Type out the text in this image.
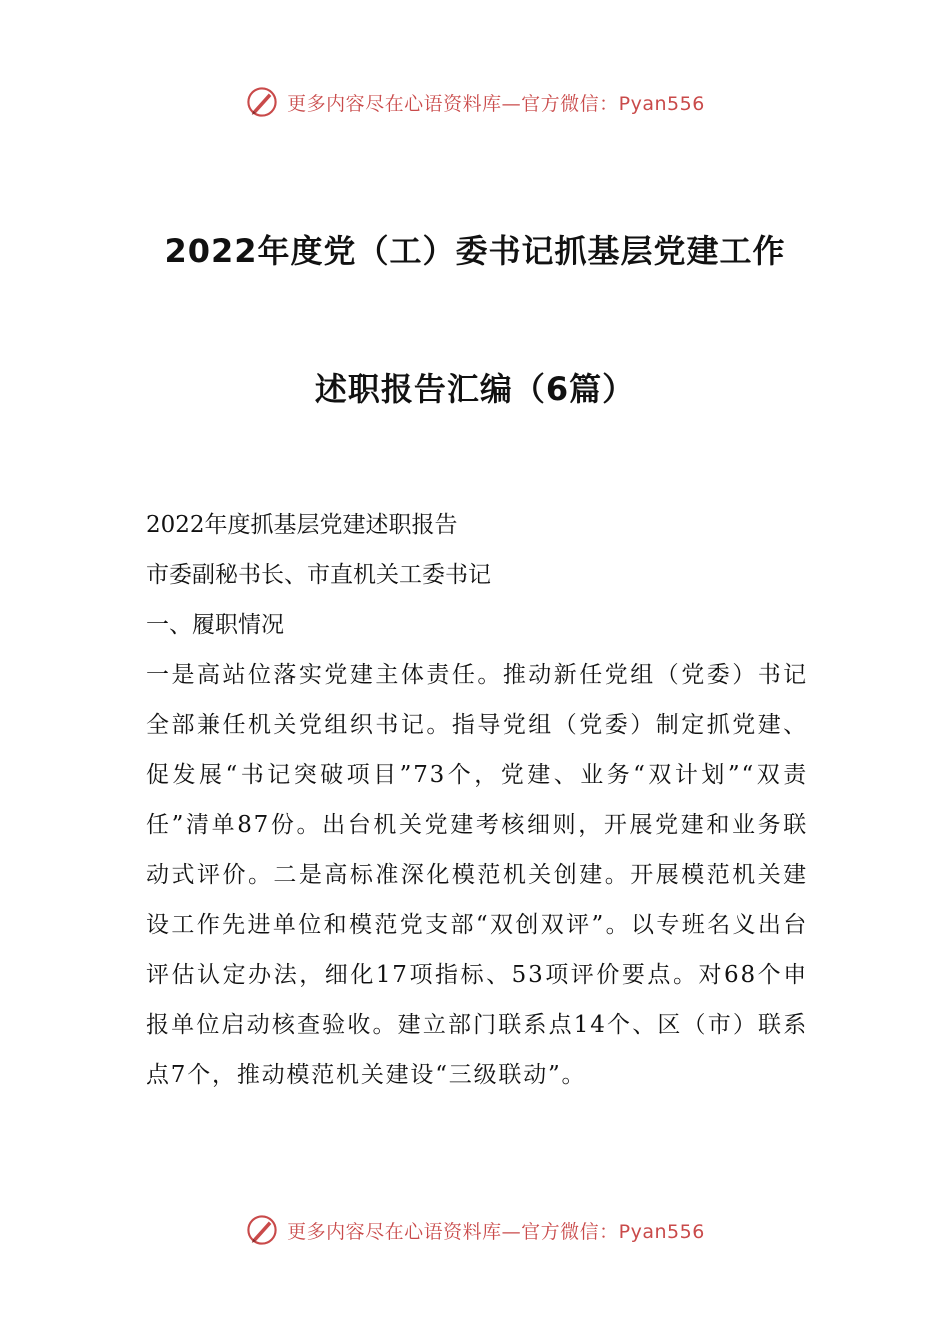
更多内容尽在心语资料库—官方微信：Pyan556
2022年度党（工）委书记抓基层党建工作
述职报告汇编（6篇）

2022年度抓基层党建述职报告

市委副秘书长、市直机关工委书记

一、履职情况

一是高站位落实党建主体责任。推动新任党组（党委）书记全部兼任机关党组织书记。指导党组（党委）制定抓党建、促发展“书记突破项目”73个，党建、业务“双计划”“双责任”清单87份。出台机关党建考核细则，开展党建和业务联动式评价。二是高标准深化模范机关创建。开展模范机关建设工作先进单位和模范党支部“双创双评”。以专班名义出台评估认定办法，细化17项指标、53项评价要点。对68个申报单位启动核查验收。建立部门联系点14个、区（市）联系点7个，推动模范机关建设“三级联动”。

更多内容尽在心语资料库—官方微信：Pyan556
